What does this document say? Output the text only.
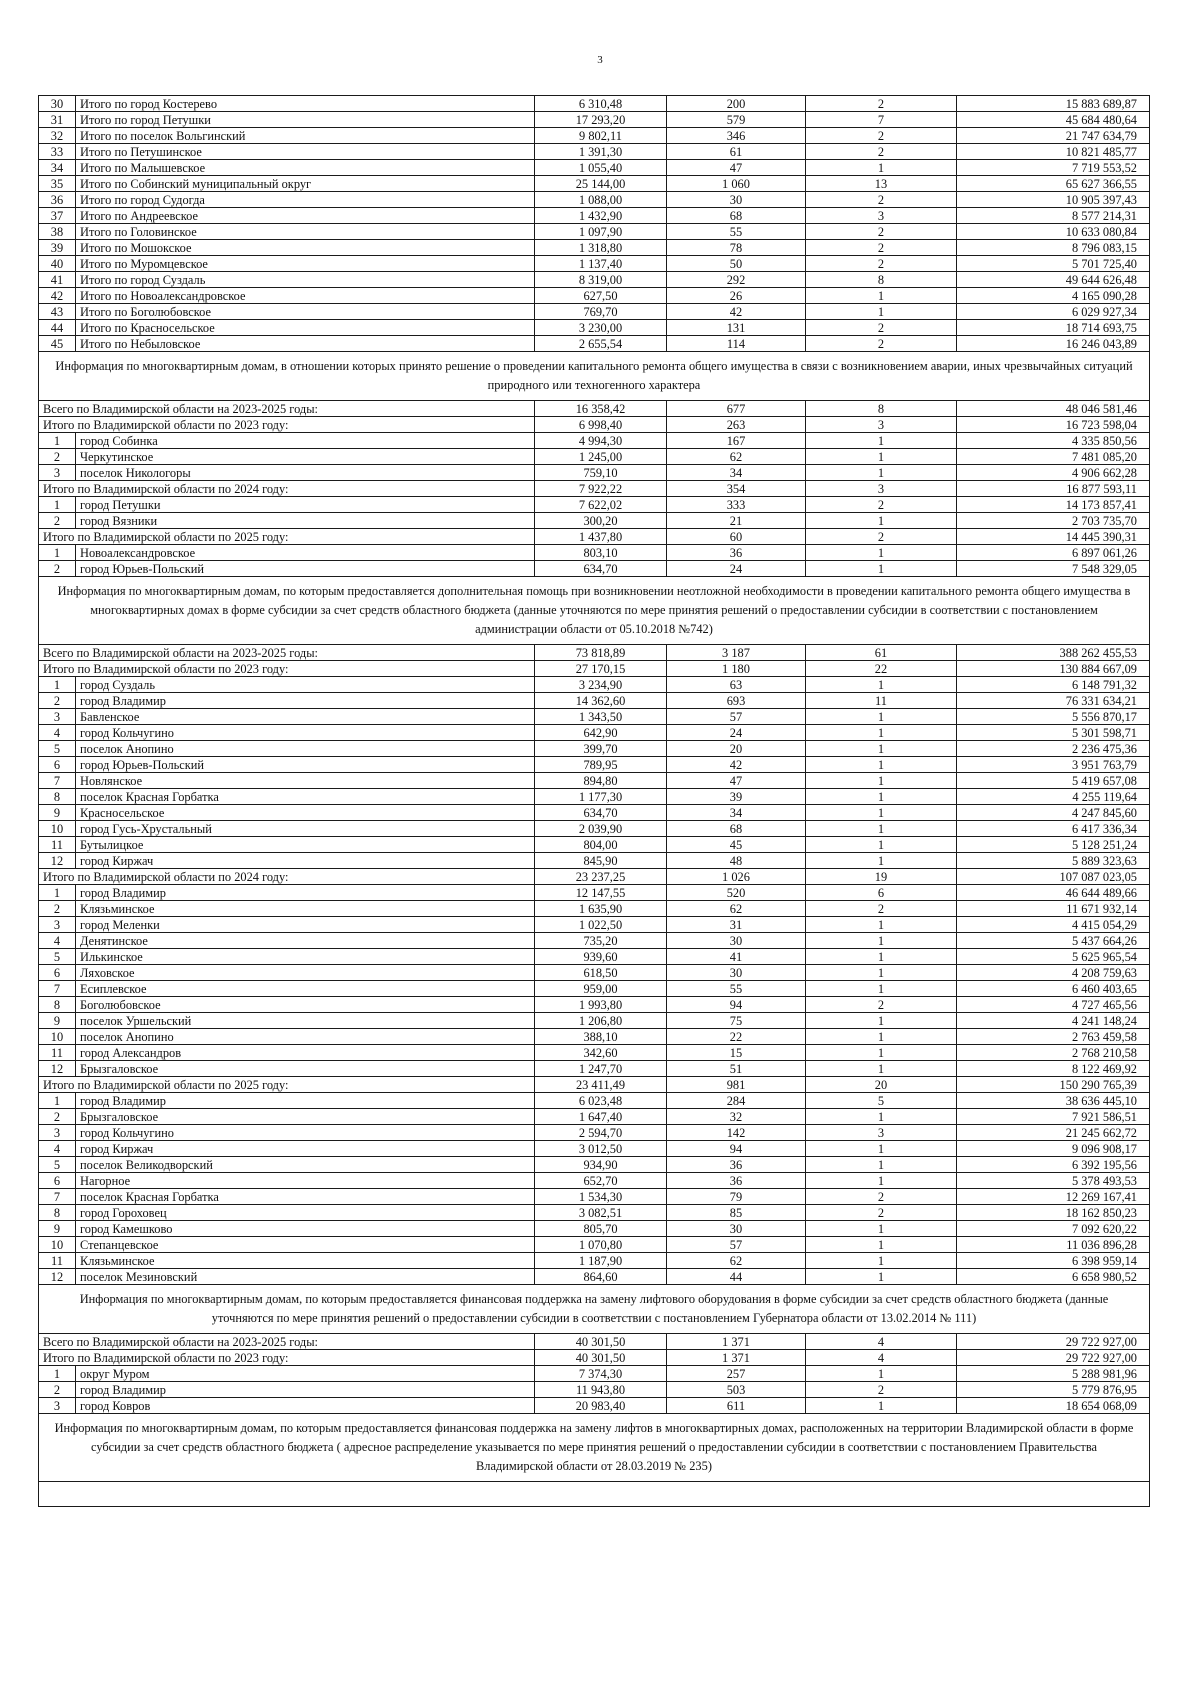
3
30	Итого по город Костерево	6 310,48	200	2	15 883 689,87
31	Итого по город Петушки	17 293,20	579	7	45 684 480,64
32	Итого по поселок Вольгинский	9 802,11	346	2	21 747 634,79
33	Итого по Петушинское	1 391,30	61	2	10 821 485,77
34	Итого по Малышевское	1 055,40	47	1	7 719 553,52
35	Итого по Собинский муниципальный округ	25 144,00	1 060	13	65 627 366,55
36	Итого по город Судогда	1 088,00	30	2	10 905 397,43
37	Итого по Андреевское	1 432,90	68	3	8 577 214,31
38	Итого по Головинское	1 097,90	55	2	10 633 080,84
39	Итого по Мошокское	1 318,80	78	2	8 796 083,15
40	Итого по Муромцевское	1 137,40	50	2	5 701 725,40
41	Итого по город Суздаль	8 319,00	292	8	49 644 626,48
42	Итого по Новоалександровское	627,50	26	1	4 165 090,28
43	Итого по Боголюбовское	769,70	42	1	6 029 927,34
44	Итого по Красносельское	3 230,00	131	2	18 714 693,75
45	Итого по Небыловское	2 655,54	114	2	16 246 043,89
Информация по многоквартирным домам, в отношении которых принято решение о проведении капитального ремонта общего имущества в связи с возникновением аварии, иных чрезвычайных ситуаций природного или техногенного характера					
Всего по Владимирской области на 2023-2025 годы:		16 358,42	677	8	48 046 581,46
Итого по Владимирской области по 2023 году:		6 998,40	263	3	16 723 598,04
1	город Собинка	4 994,30	167	1	4 335 850,56
2	Черкутинское	1 245,00	62	1	7 481 085,20
3	поселок Никологоры	759,10	34	1	4 906 662,28
Итого по Владимирской области по 2024 году:		7 922,22	354	3	16 877 593,11
1	город Петушки	7 622,02	333	2	14 173 857,41
2	город Вязники	300,20	21	1	2 703 735,70
Итого по Владимирской области по 2025 году:		1 437,80	60	2	14 445 390,31
1	Новоалександровское	803,10	36	1	6 897 061,26
2	город Юрьев-Польский	634,70	24	1	7 548 329,05
Информация по многоквартирным домам, по которым предоставляется дополнительная помощь при возникновении неотложной необходимости в проведении капитального ремонта общего имущества в многоквартирных домах в форме субсидии за счет средств областного бюджета (данные уточняются по мере принятия решений о предоставлении субсидии в соответствии с постановлением администрации области от 05.10.2018 №742)					
Всего по Владимирской области на 2023-2025 годы:		73 818,89	3 187	61	388 262 455,53
Итого по Владимирской области по 2023 году:		27 170,15	1 180	22	130 884 667,09
1	город Суздаль	3 234,90	63	1	6 148 791,32
2	город Владимир	14 362,60	693	11	76 331 634,21
3	Бавленское	1 343,50	57	1	5 556 870,17
4	город Кольчугино	642,90	24	1	5 301 598,71
5	поселок Анопино	399,70	20	1	2 236 475,36
6	город Юрьев-Польский	789,95	42	1	3 951 763,79
7	Новлянское	894,80	47	1	5 419 657,08
8	поселок Красная Горбатка	1 177,30	39	1	4 255 119,64
9	Красносельское	634,70	34	1	4 247 845,60
10	город Гусь-Хрустальный	2 039,90	68	1	6 417 336,34
11	Бутылицкое	804,00	45	1	5 128 251,24
12	город Киржач	845,90	48	1	5 889 323,63
Итого по Владимирской области по 2024 году:		23 237,25	1 026	19	107 087 023,05
1	город Владимир	12 147,55	520	6	46 644 489,66
2	Клязьминское	1 635,90	62	2	11 671 932,14
3	город Меленки	1 022,50	31	1	4 415 054,29
4	Денятинское	735,20	30	1	5 437 664,26
5	Илькинское	939,60	41	1	5 625 965,54
6	Ляховское	618,50	30	1	4 208 759,63
7	Есиплевское	959,00	55	1	6 460 403,65
8	Боголюбовское	1 993,80	94	2	4 727 465,56
9	поселок Уршельский	1 206,80	75	1	4 241 148,24
10	поселок Анопино	388,10	22	1	2 763 459,58
11	город Александров	342,60	15	1	2 768 210,58
12	Брызгаловское	1 247,70	51	1	8 122 469,92
Итого по Владимирской области по 2025 году:		23 411,49	981	20	150 290 765,39
1	город Владимир	6 023,48	284	5	38 636 445,10
2	Брызгаловское	1 647,40	32	1	7 921 586,51
3	город Кольчугино	2 594,70	142	3	21 245 662,72
4	город Киржач	3 012,50	94	1	9 096 908,17
5	поселок Великодворский	934,90	36	1	6 392 195,56
6	Нагорное	652,70	36	1	5 378 493,53
7	поселок Красная Горбатка	1 534,30	79	2	12 269 167,41
8	город Гороховец	3 082,51	85	2	18 162 850,23
9	город Камешково	805,70	30	1	7 092 620,22
10	Степанцевское	1 070,80	57	1	11 036 896,28
11	Клязьминское	1 187,90	62	1	6 398 959,14
12	поселок Мезиновский	864,60	44	1	6 658 980,52
Информация по многоквартирным домам, по которым предоставляется финансовая поддержка на замену лифтового оборудования в форме субсидии за счет средств областного бюджета (данные уточняются по мере принятия решений о предоставлении субсидии в соответствии с постановлением Губернатора области от 13.02.2014 № 111)					
Всего по Владимирской области на 2023-2025 годы:		40 301,50	1 371	4	29 722 927,00
Итого по Владимирской области по 2023 году:		40 301,50	1 371	4	29 722 927,00
1	округ Муром	7 374,30	257	1	5 288 981,96
2	город Владимир	11 943,80	503	2	5 779 876,95
3	город Ковров	20 983,40	611	1	18 654 068,09
Информация по многоквартирным домам, по которым предоставляется финансовая поддержка на замену лифтов в многоквартирных домах, расположенных на территории Владимирской области в форме субсидии за счет средств областного бюджета ( адресное распределение указывается по мере принятия решений о предоставлении субсидии в соответствии с постановлением Правительства Владимирской области от 28.03.2019 № 235)					
